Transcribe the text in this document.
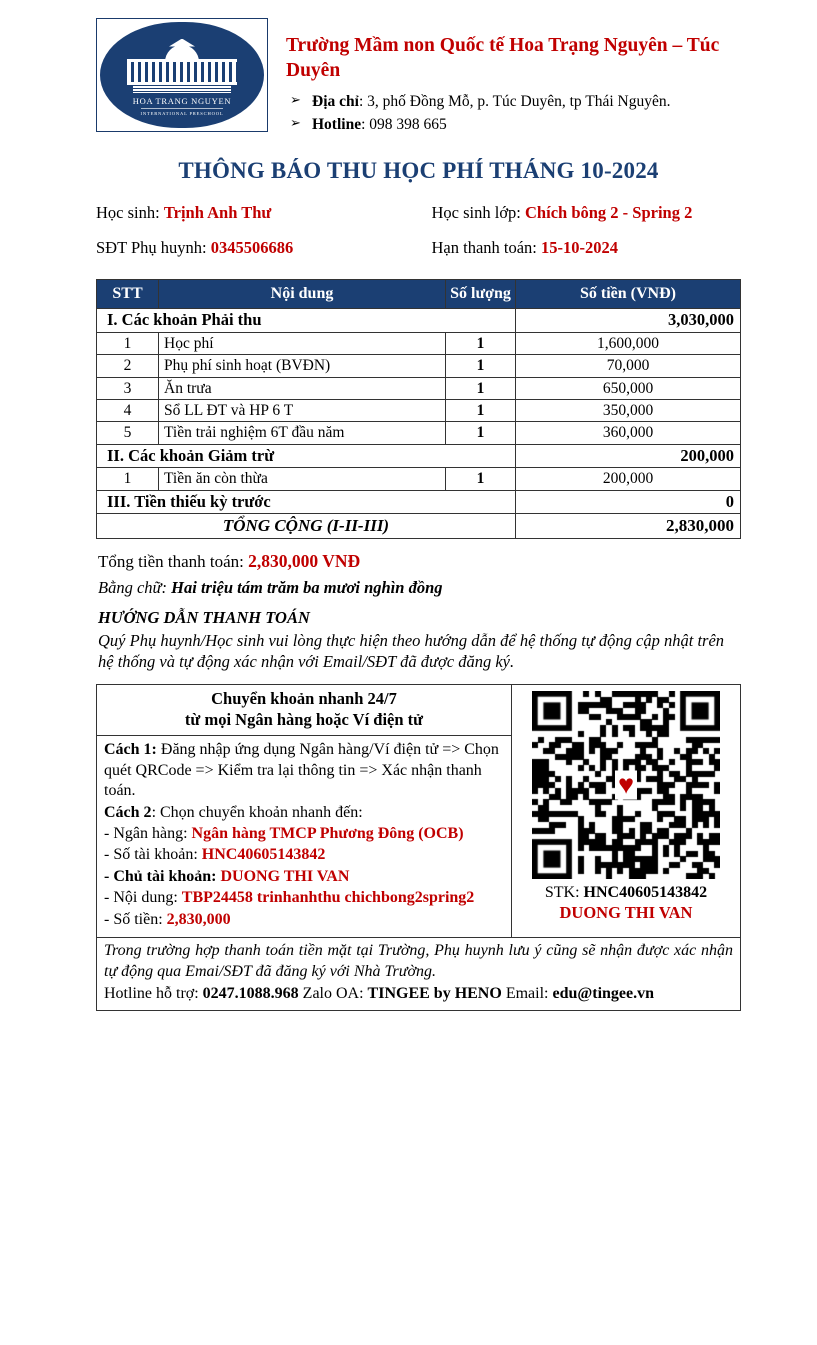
HOA TRANG NGUYEN
INTERNATIONAL PRESCHOOL
Trường Mầm non Quốc tế Hoa Trạng Nguyên – Túc Duyên
➢ Địa chỉ: 3, phố Đồng Mỗ, p. Túc Duyên, tp Thái Nguyên.
➢ Hotline: 098 398 665
THÔNG BÁO THU HỌC PHÍ THÁNG 10-2024
Học sinh: Trịnh Anh Thư
SĐT Phụ huynh: 0345506686
Học sinh lớp: Chích bông 2 - Spring 2
Hạn thanh toán: 15-10-2024
STT	Nội dung	Số lượng	Số tiền (VNĐ)
I. Các khoản Phải thu			3,030,000
1	Học phí	1	1,600,000
2	Phụ phí sinh hoạt (BVĐN)	1	70,000
3	Ăn trưa	1	650,000
4	Sổ LL ĐT và HP 6 T	1	350,000
5	Tiền trải nghiệm 6T đầu năm	1	360,000
II. Các khoản Giảm trừ			200,000
1	Tiền ăn còn thừa	1	200,000
III. Tiền thiếu kỳ trước			0
TỔNG CỘNG (I-II-III)			2,830,000
Tổng tiền thanh toán: 2,830,000 VNĐ
Bằng chữ: Hai triệu tám trăm ba mươi nghìn đồng
HƯỚNG DẪN THANH TOÁN
Quý Phụ huynh/Học sinh vui lòng thực hiện theo hướng dẫn để hệ thống tự động cập nhật trên hệ thống và tự động xác nhận với Email/SĐT đã được đăng ký.
Chuyển khoản nhanh 24/7
từ mọi Ngân hàng hoặc Ví điện tử

Cách 1: Đăng nhập ứng dụng Ngân hàng/Ví điện tử => Chọn quét QRCode => Kiểm tra lại thông tin => Xác nhận thanh toán.

Cách 2: Chọn chuyển khoản nhanh đến:

- Ngân hàng: Ngân hàng TMCP Phương Đông (OCB)

- Số tài khoản: HNC40605143842

- Chủ tài khoản: DUONG THI VAN

- Nội dung: TBP24458 trinhanhthu chichbong2spring2

- Số tiền: 2,830,000

♥
STK: HNC40605143842
DUONG THI VAN

Trong trường hợp thanh toán tiền mặt tại Trường, Phụ huynh lưu ý cũng sẽ nhận được xác nhận tự động qua Emai/SĐT đã đăng ký với Nhà Trường.

Hotline hỗ trợ: 0247.1088.968 Zalo OA: TINGEE by HENO Email: edu@tingee.vn
